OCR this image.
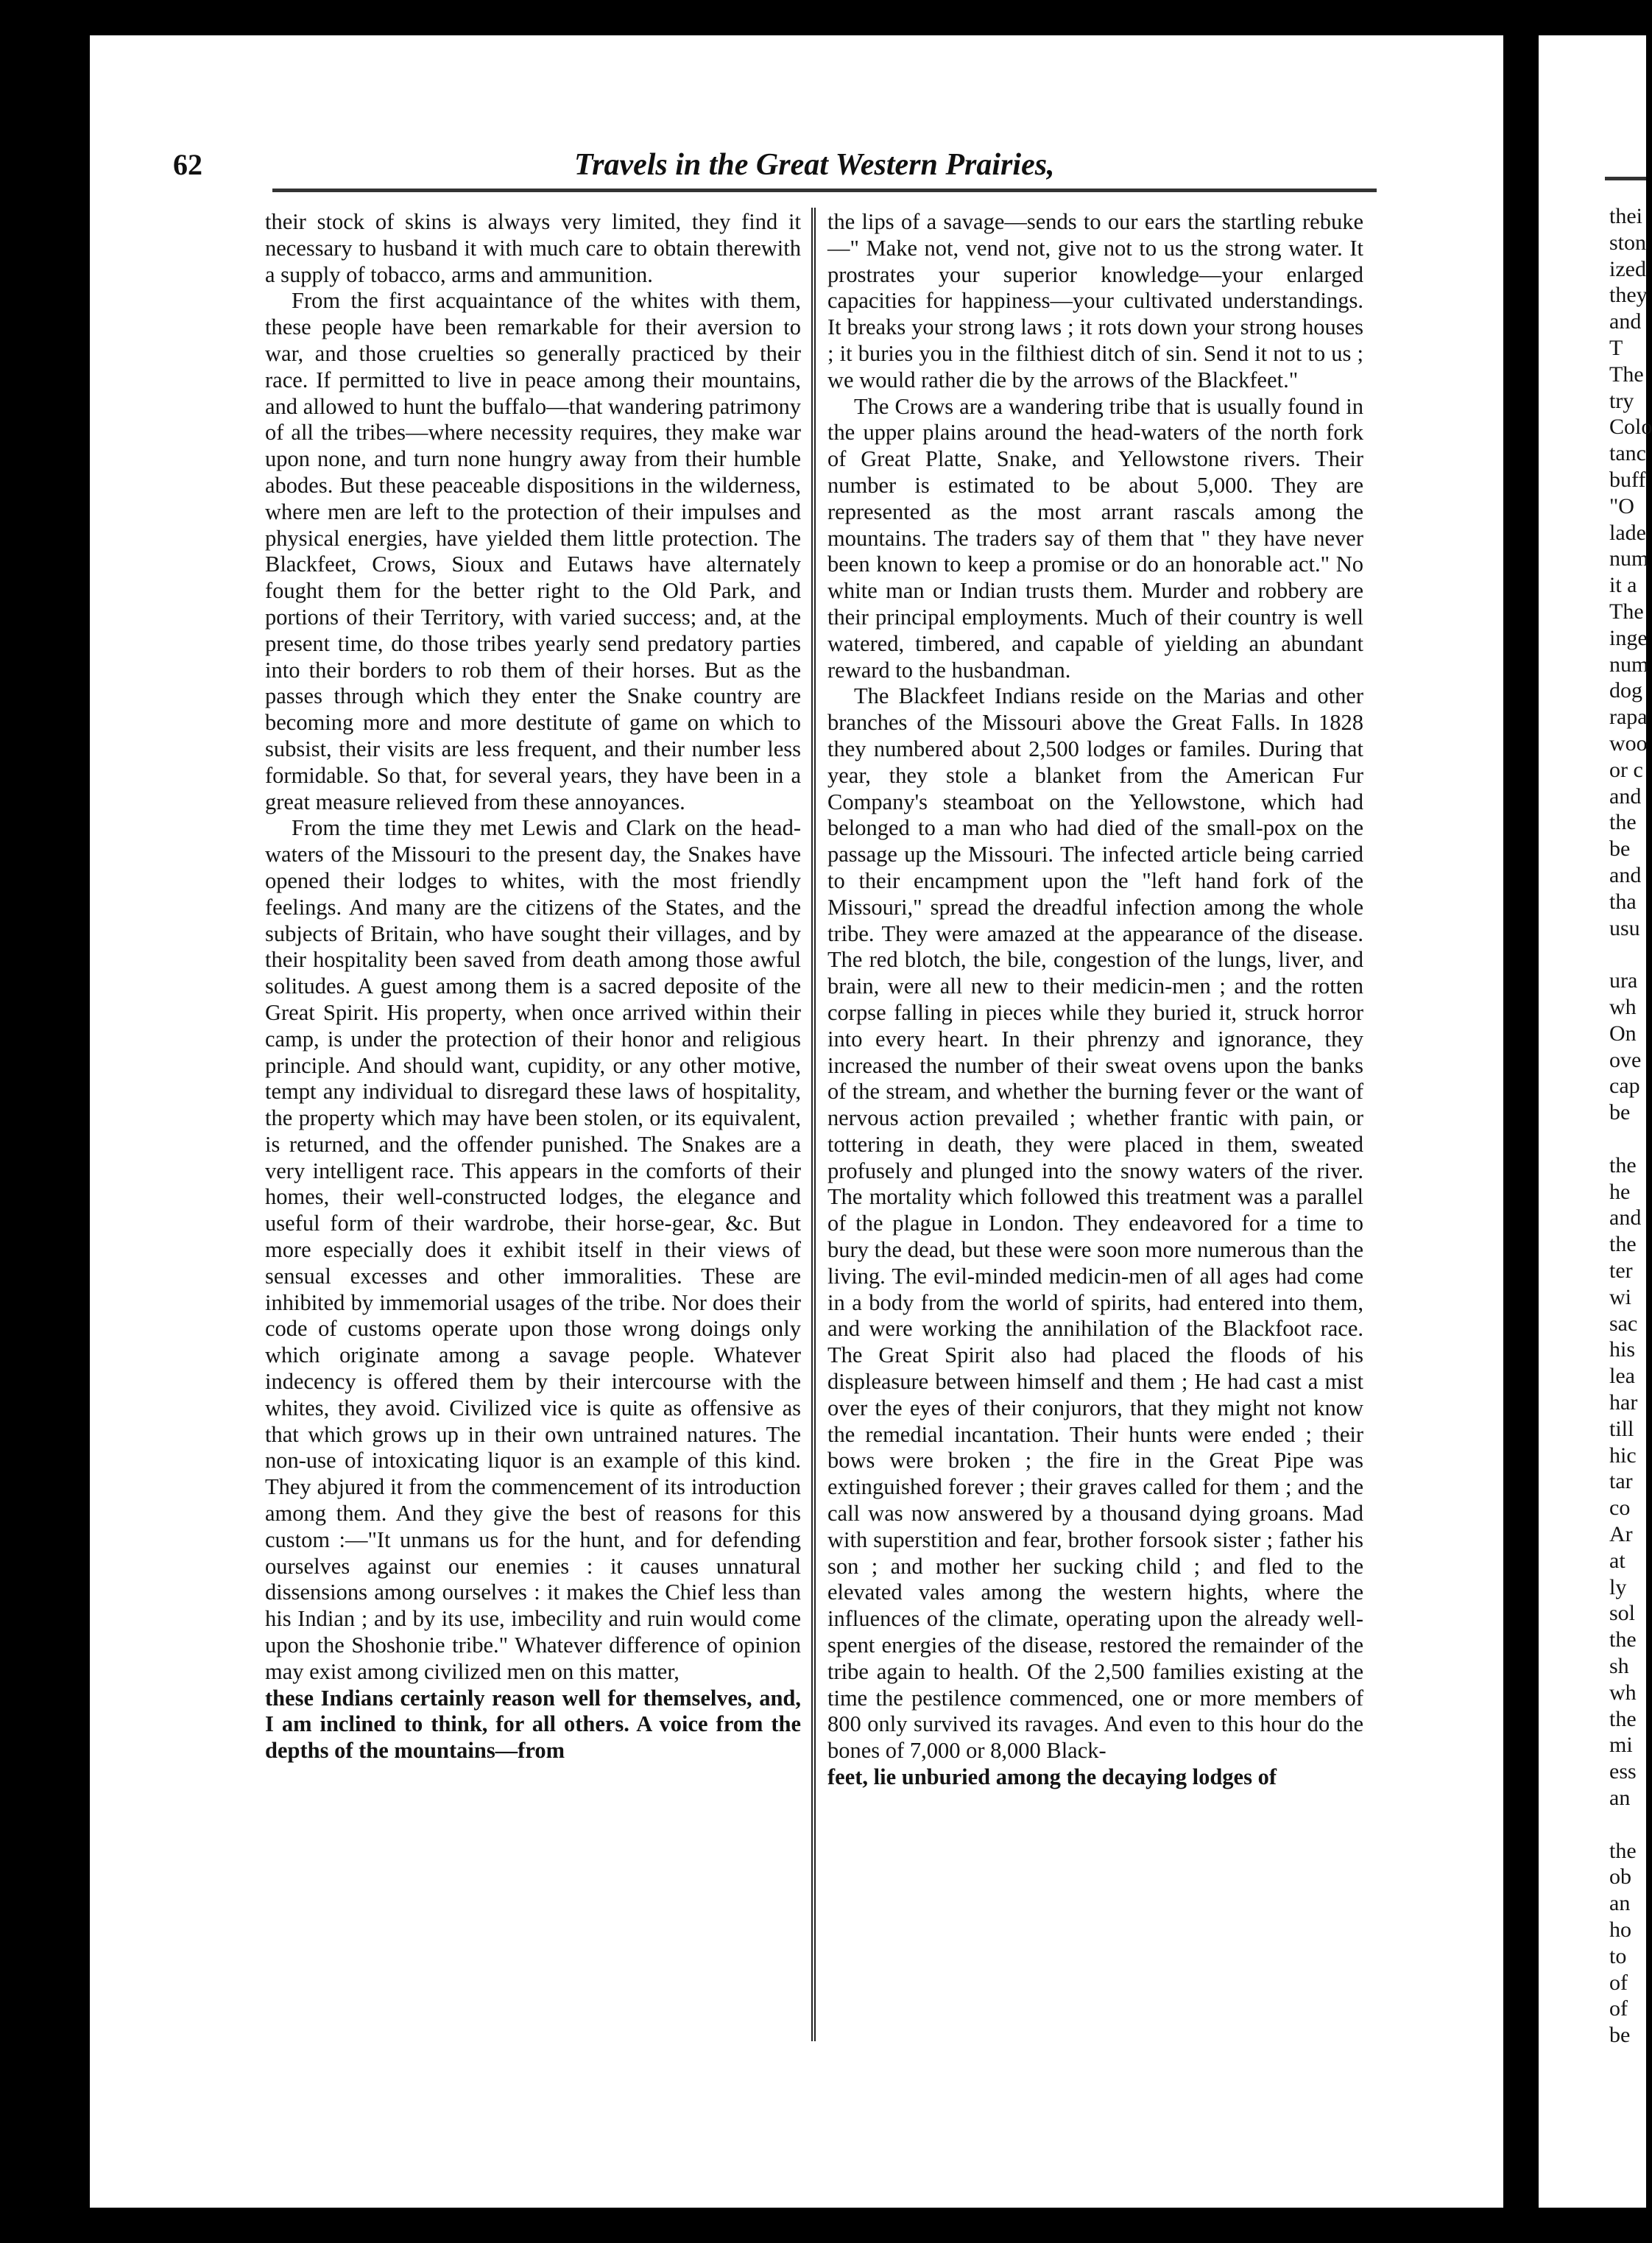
62	Travels in the Great Western Prairies,

their stock of skins is always very limited, they find it necessary to husband it with much care to obtain therewith a supply of tobacco, arms and ammunition.

From the first acquaintance of the whites with them, these people have been remarkable for their aversion to war, and those cruelties so generally practiced by their race. If permitted to live in peace among their mountains, and allowed to hunt the buffalo—that wandering patrimony of all the tribes—where necessity requires, they make war upon none, and turn none hungry away from their humble abodes. But these peaceable dispositions in the wilderness, where men are left to the protection of their impulses and physical energies, have yielded them little protection. The Blackfeet, Crows, Sioux and Eutaws have alternately fought them for the better right to the Old Park, and portions of their Territory, with varied success; and, at the present time, do those tribes yearly send predatory parties into their borders to rob them of their horses. But as the passes through which they enter the Snake country are becoming more and more destitute of game on which to subsist, their visits are less frequent, and their number less formidable. So that, for several years, they have been in a great measure relieved from these annoyances.

From the time they met Lewis and Clark on the head-waters of the Missouri to the present day, the Snakes have opened their lodges to whites, with the most friendly feelings. And many are the citizens of the States, and the subjects of Britain, who have sought their villages, and by their hospitality been saved from death among those awful solitudes. A guest among them is a sacred deposite of the Great Spirit. His property, when once arrived within their camp, is under the protection of their honor and religious principle. And should want, cupidity, or any other motive, tempt any individual to disregard these laws of hospitality, the property which may have been stolen, or its equivalent, is returned, and the offender punished. The Snakes are a very intelligent race. This appears in the comforts of their homes, their well-constructed lodges, the elegance and useful form of their wardrobe, their horse-gear, &c. But more especially does it exhibit itself in their views of sensual excesses and other immoralities. These are inhibited by immemorial usages of the tribe. Nor does their code of customs operate upon those wrong doings only which originate among a savage people. Whatever indecency is offered them by their intercourse with the whites, they avoid. Civilized vice is quite as offensive as that which grows up in their own untrained natures. The non-use of intoxicating liquor is an example of this kind. They abjured it from the commencement of its introduction among them. And they give the best of reasons for this custom :—"It unmans us for the hunt, and for defending ourselves against our enemies : it causes unnatural dissensions among ourselves : it makes the Chief less than his Indian ; and by its use, imbecility and ruin would come upon the Shoshonie tribe." Whatever difference of opinion may exist among civilized men on this matter,

these Indians certainly reason well for themselves, and, I am inclined to think, for all others. A voice from the depths of the mountains—from

the lips of a savage—sends to our ears the startling rebuke—" Make not, vend not, give not to us the strong water. It prostrates your superior knowledge—your enlarged capacities for happiness—your cultivated understandings. It breaks your strong laws ; it rots down your strong houses ; it buries you in the filthiest ditch of sin. Send it not to us ; we would rather die by the arrows of the Blackfeet."

The Crows are a wandering tribe that is usually found in the upper plains around the head-waters of the north fork of Great Platte, Snake, and Yellowstone rivers. Their number is estimated to be about 5,000. They are represented as the most arrant rascals among the mountains. The traders say of them that " they have never been known to keep a promise or do an honorable act." No white man or Indian trusts them. Murder and robbery are their principal employments. Much of their country is well watered, timbered, and capable of yielding an abundant reward to the husbandman.

The Blackfeet Indians reside on the Marias and other branches of the Missouri above the Great Falls. In 1828 they numbered about 2,500 lodges or familes. During that year, they stole a blanket from the American Fur Company's steamboat on the Yellowstone, which had belonged to a man who had died of the small-pox on the passage up the Missouri. The infected article being carried to their encampment upon the "left hand fork of the Missouri," spread the dreadful infection among the whole tribe. They were amazed at the appearance of the disease. The red blotch, the bile, congestion of the lungs, liver, and brain, were all new to their medicin-men ; and the rotten corpse falling in pieces while they buried it, struck horror into every heart. In their phrenzy and ignorance, they increased the number of their sweat ovens upon the banks of the stream, and whether the burning fever or the want of nervous action prevailed ; whether frantic with pain, or tottering in death, they were placed in them, sweated profusely and plunged into the snowy waters of the river. The mortality which followed this treatment was a parallel of the plague in London. They endeavored for a time to bury the dead, but these were soon more numerous than the living. The evil-minded medicin-men of all ages had come in a body from the world of spirits, had entered into them, and were working the annihilation of the Blackfoot race. The Great Spirit also had placed the floods of his displeasure between himself and them ; He had cast a mist over the eyes of their conjurors, that they might not know the remedial incantation. Their hunts were ended ; their bows were broken ; the fire in the Great Pipe was extinguished forever ; their graves called for them ; and the call was now answered by a thousand dying groans. Mad with superstition and fear, brother forsook sister ; father his son ; and mother her sucking child ; and fled to the elevated vales among the western hights, where the influences of the climate, operating upon the already well-spent energies of the disease, restored the remainder of the tribe again to health. Of the 2,500 families existing at the time the pestilence commenced, one or more members of 800 only survived its ravages. And even to this hour do the bones of 7,000 or 8,000 Black-

feet, lie unburied among the decaying lodges of

thei
ston
ized
they
and
T
The
try
Colo
tanc
buff
"O
lade
num
it a
The
inge
num
dog
rapa
woo
or c
and
the
be
and
tha
usu
ura
wh
On
ove
cap
be
the
he
and
the
ter
wi
sac
his
lea
har
till
hic
tar
co
Ar
at
ly
sol
the
sh
wh
the
mi
ess
an
the
ob
an
ho
to
of
of
be
